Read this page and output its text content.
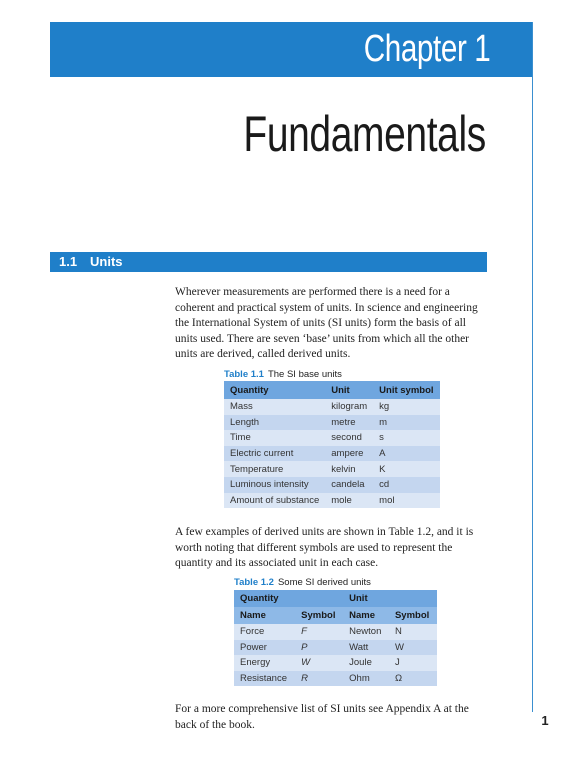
Chapter 1
Fundamentals
1.1 Units

Wherever measurements are performed there is a need for a coherent and practical system of units. In science and engineering the International System of units (SI units) form the basis of all units used. There are seven ‘base’ units from which all the other units are derived, called derived units.

Table 1.1 The SI base units
Quantity	Unit	Unit symbol
Mass	kilogram	kg
Length	metre	m
Time	second	s
Electric current	ampere	A
Temperature	kelvin	K
Luminous intensity	candela	cd
Amount of substance	mole	mol

A few examples of derived units are shown in Table 1.2, and it is worth noting that different symbols are used to represent the quantity and its associated unit in each case.

Table 1.2 Some SI derived units
Quantity		Unit	
Name	Symbol	Name	Symbol
Force	F	Newton	N
Power	P	Watt	W
Energy	W	Joule	J
Resistance	R	Ohm	Ω

For a more comprehensive list of SI units see Appendix A at the back of the book.	1
